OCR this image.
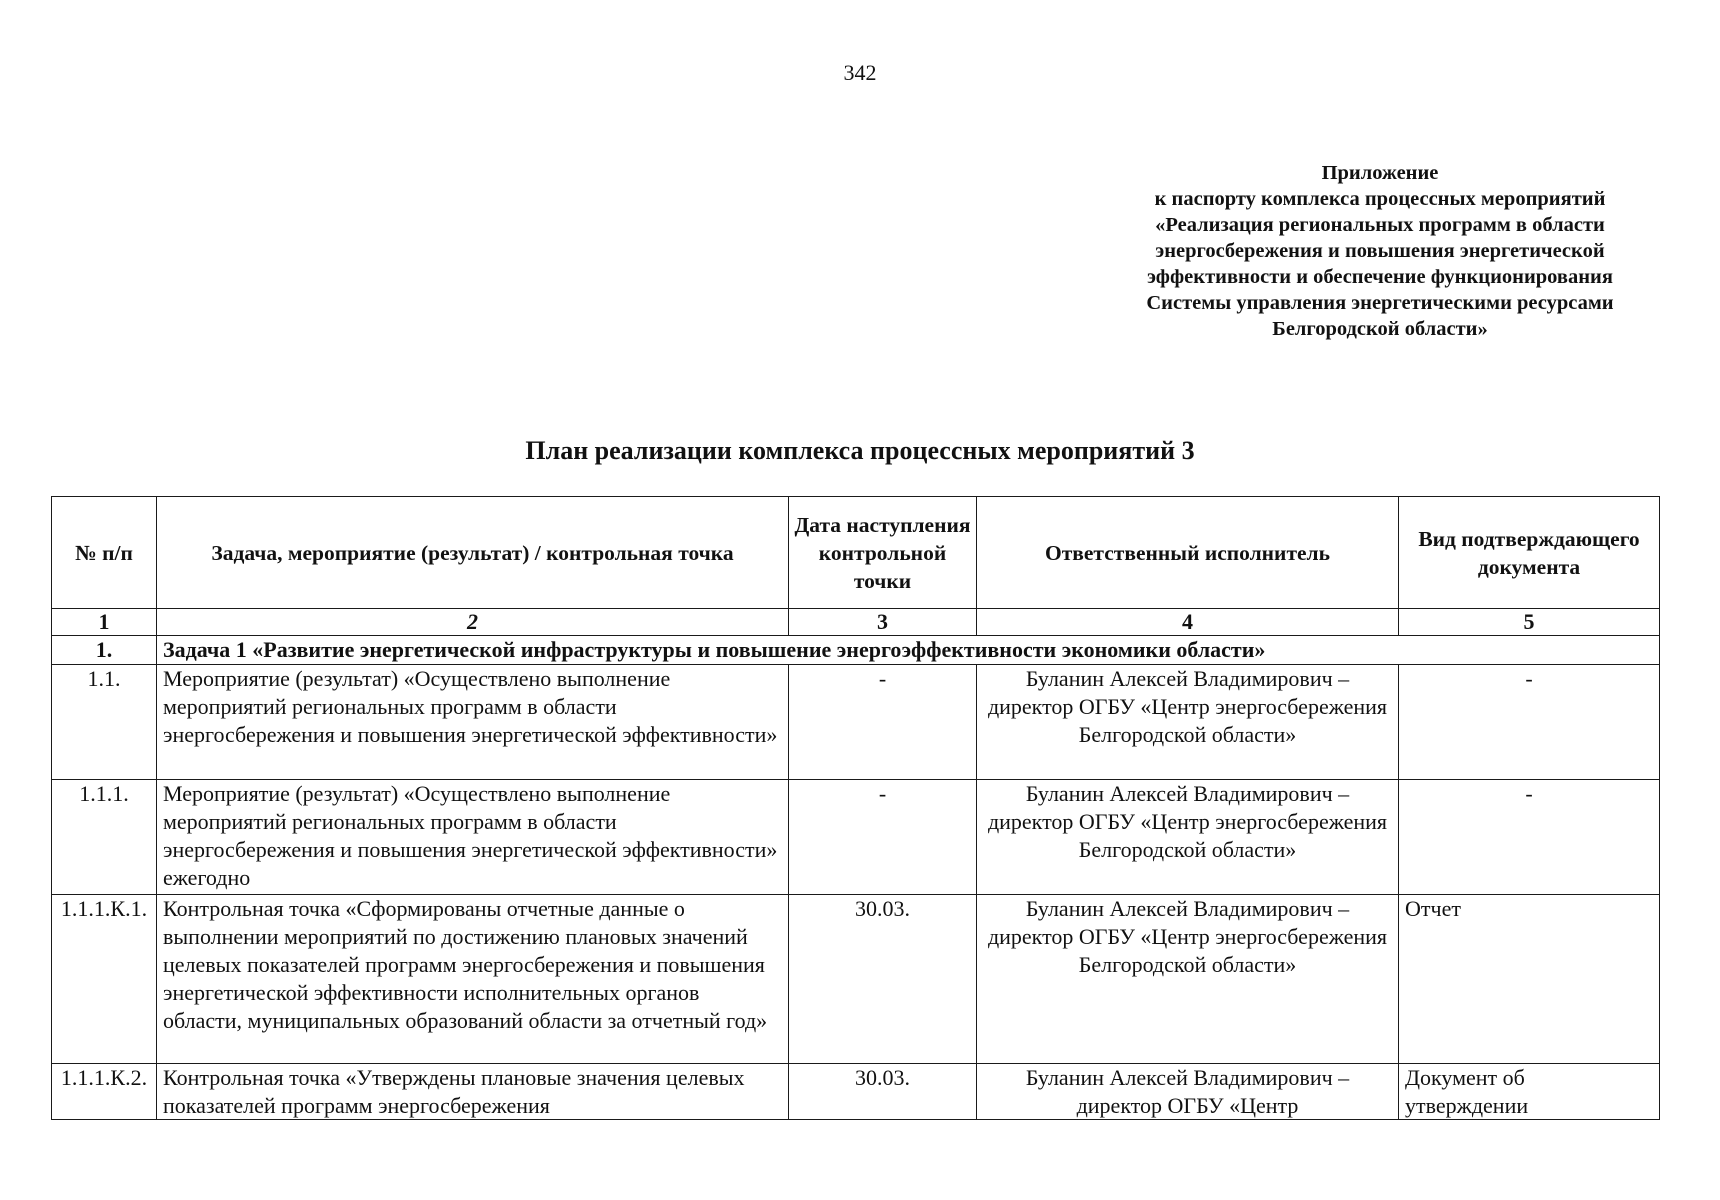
342
Приложение
к паспорту комплекса процессных мероприятий
«Реализация региональных программ в области
энергосбережения и повышения энергетической
эффективности и обеспечение функционирования
Системы управления энергетическими ресурсами
Белгородской области»
План реализации комплекса процессных мероприятий 3
№ п/п	Задача, мероприятие (результат) / контрольная точка	Дата наступления контрольной точки	Ответственный исполнитель	Вид подтверждающего документа
1	2	3	4	5
1.	Задача 1 «Развитие энергетической инфраструктуры и повышение энергоэффективности экономики области»			
1.1.	Мероприятие (результат) «Осуществлено выполнение мероприятий региональных программ в области энергосбережения и повышения энергетической эффективности»	-	Буланин Алексей Владимирович – директор ОГБУ «Центр энергосбережения Белгородской области»	-
1.1.1.	Мероприятие (результат) «Осуществлено выполнение мероприятий региональных программ в области энергосбережения и повышения энергетической эффективности» ежегодно	-	Буланин Алексей Владимирович – директор ОГБУ «Центр энергосбережения Белгородской области»	-
1.1.1.К.1.	Контрольная точка «Сформированы отчетные данные о выполнении мероприятий по достижению плановых значений целевых показателей программ энергосбережения и повышения энергетической эффективности исполнительных органов области, муниципальных образований области за отчетный год»	30.03.	Буланин Алексей Владимирович – директор ОГБУ «Центр энергосбережения Белгородской области»	Отчет
1.1.1.К.2.	Контрольная точка «Утверждены плановые значения целевых показателей программ энергосбережения	30.03.	Буланин Алексей Владимирович – директор ОГБУ «Центр	Документ об утверждении
